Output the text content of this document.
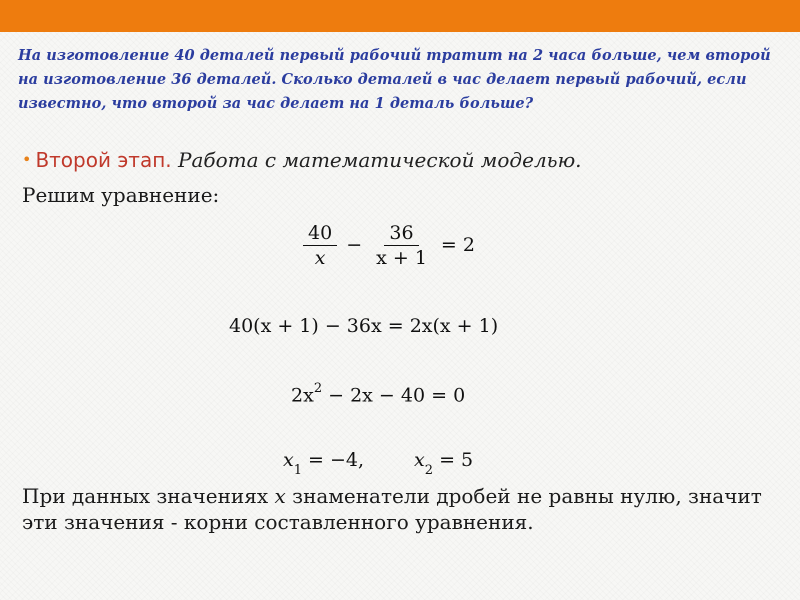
На изготовление 40 деталей первый рабочий тратит на 2 часа больше, чем второй на изготовление 36 деталей. Сколько деталей в час делает первый рабочий, если известно, что второй за час делает на 1 деталь больше?
• Второй этап. Работа с математической моделью.
Решим уравнение:
$\frac{40}{x} - \frac{36}{x + 1} = 2$
40(x + 1) − 36x = 2x(x + 1)
$2x^2 - 2x - 40 = 0$
$x_1 = -4$,	$x_2 = 5$
При данных значениях x знаменатели дробей не равны нулю, значит эти значения - корни составленного уравнения.
